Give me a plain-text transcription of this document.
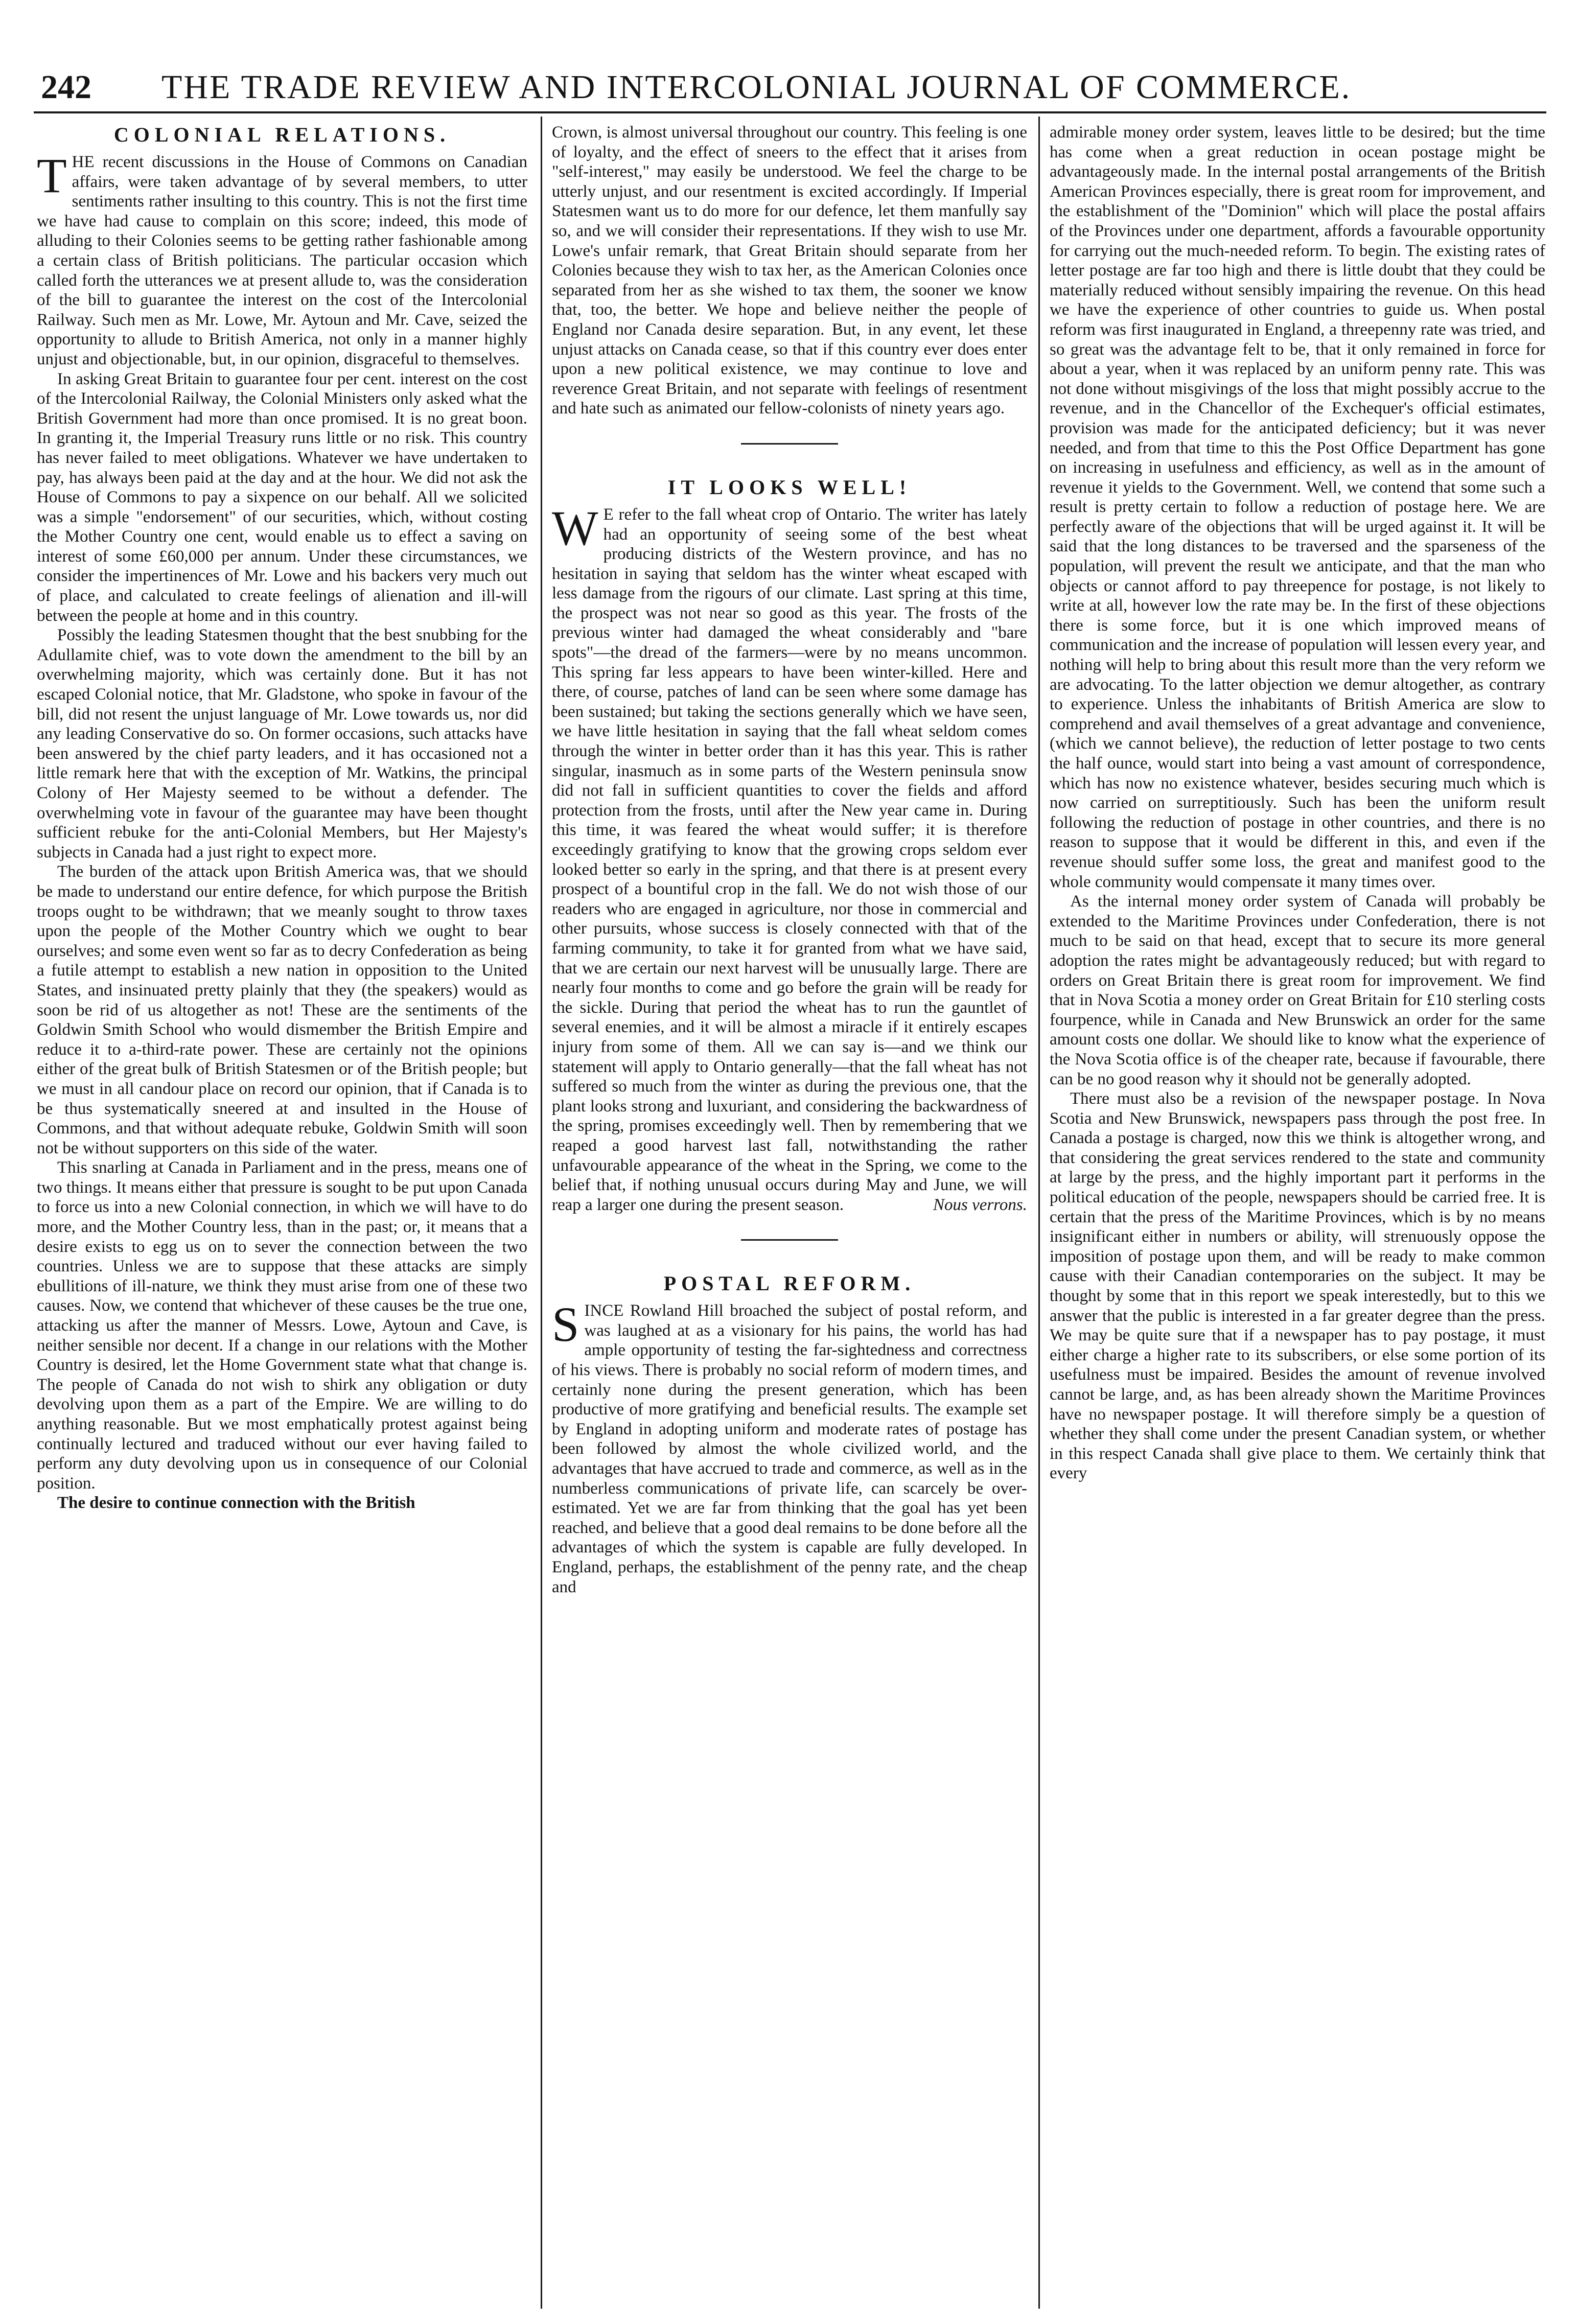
242 THE TRADE REVIEW AND INTERCOLONIAL JOURNAL OF COMMERCE.
COLONIAL RELATIONS.

THE recent discussions in the House of Commons on Canadian affairs, were taken advantage of by several members, to utter sentiments rather insulting to this country. This is not the first time we have had cause to complain on this score; indeed, this mode of alluding to their Colonies seems to be getting rather fashionable among a certain class of British politicians. The particular occasion which called forth the utterances we at present allude to, was the consideration of the bill to guarantee the interest on the cost of the Intercolonial Railway. Such men as Mr. Lowe, Mr. Aytoun and Mr. Cave, seized the opportunity to allude to British America, not only in a manner highly unjust and objectionable, but, in our opinion, disgraceful to themselves.

In asking Great Britain to guarantee four per cent. interest on the cost of the Intercolonial Railway, the Colonial Ministers only asked what the British Government had more than once promised. It is no great boon. In granting it, the Imperial Treasury runs little or no risk. This country has never failed to meet obligations. Whatever we have undertaken to pay, has always been paid at the day and at the hour. We did not ask the House of Commons to pay a sixpence on our behalf. All we solicited was a simple "endorsement" of our securities, which, without costing the Mother Country one cent, would enable us to effect a saving on interest of some £60,000 per annum. Under these circumstances, we consider the impertinences of Mr. Lowe and his backers very much out of place, and calculated to create feelings of alienation and ill-will between the people at home and in this country.

Possibly the leading Statesmen thought that the best snubbing for the Adullamite chief, was to vote down the amendment to the bill by an overwhelming majority, which was certainly done. But it has not escaped Colonial notice, that Mr. Gladstone, who spoke in favour of the bill, did not resent the unjust language of Mr. Lowe towards us, nor did any leading Conservative do so. On former occasions, such attacks have been answered by the chief party leaders, and it has occasioned not a little remark here that with the exception of Mr. Watkins, the principal Colony of Her Majesty seemed to be without a defender. The overwhelming vote in favour of the guarantee may have been thought sufficient rebuke for the anti-Colonial Members, but Her Majesty's subjects in Canada had a just right to expect more.

The burden of the attack upon British America was, that we should be made to understand our entire defence, for which purpose the British troops ought to be withdrawn; that we meanly sought to throw taxes upon the people of the Mother Country which we ought to bear ourselves; and some even went so far as to decry Confederation as being a futile attempt to establish a new nation in opposition to the United States, and insinuated pretty plainly that they (the speakers) would as soon be rid of us altogether as not! These are the sentiments of the Goldwin Smith School who would dismember the British Empire and reduce it to a-third-rate power. These are certainly not the opinions either of the great bulk of British Statesmen or of the British people; but we must in all candour place on record our opinion, that if Canada is to be thus systematically sneered at and insulted in the House of Commons, and that without adequate rebuke, Goldwin Smith will soon not be without supporters on this side of the water.

This snarling at Canada in Parliament and in the press, means one of two things. It means either that pressure is sought to be put upon Canada to force us into a new Colonial connection, in which we will have to do more, and the Mother Country less, than in the past; or, it means that a desire exists to egg us on to sever the connection between the two countries. Unless we are to suppose that these attacks are simply ebullitions of ill-nature, we think they must arise from one of these two causes. Now, we contend that whichever of these causes be the true one, attacking us after the manner of Messrs. Lowe, Aytoun and Cave, is neither sensible nor decent. If a change in our relations with the Mother Country is desired, let the Home Government state what that change is. The people of Canada do not wish to shirk any obligation or duty devolving upon them as a part of the Empire. We are willing to do anything reasonable. But we most emphatically protest against being continually lectured and traduced without our ever having failed to perform any duty devolving upon us in consequence of our Colonial position.

The desire to continue connection with the British

Crown, is almost universal throughout our country. This feeling is one of loyalty, and the effect of sneers to the effect that it arises from "self-interest," may easily be understood. We feel the charge to be utterly unjust, and our resentment is excited accordingly. If Imperial Statesmen want us to do more for our defence, let them manfully say so, and we will consider their representations. If they wish to use Mr. Lowe's unfair remark, that Great Britain should separate from her Colonies because they wish to tax her, as the American Colonies once separated from her as she wished to tax them, the sooner we know that, too, the better. We hope and believe neither the people of England nor Canada desire separation. But, in any event, let these unjust attacks on Canada cease, so that if this country ever does enter upon a new political existence, we may continue to love and reverence Great Britain, and not separate with feelings of resentment and hate such as animated our fellow-colonists of ninety years ago.

IT LOOKS WELL!

W E refer to the fall wheat crop of Ontario. The writer has lately had an opportunity of seeing some of the best wheat producing districts of the Western province, and has no hesitation in saying that seldom has the winter wheat escaped with less damage from the rigours of our climate. Last spring at this time, the prospect was not near so good as this year. The frosts of the previous winter had damaged the wheat considerably and "bare spots"—the dread of the farmers—were by no means uncommon. This spring far less appears to have been winter-killed. Here and there, of course, patches of land can be seen where some damage has been sustained; but taking the sections generally which we have seen, we have little hesitation in saying that the fall wheat seldom comes through the winter in better order than it has this year. This is rather singular, inasmuch as in some parts of the Western peninsula snow did not fall in sufficient quantities to cover the fields and afford protection from the frosts, until after the New year came in. During this time, it was feared the wheat would suffer; it is therefore exceedingly gratifying to know that the growing crops seldom ever looked better so early in the spring, and that there is at present every prospect of a bountiful crop in the fall. We do not wish those of our readers who are engaged in agriculture, nor those in commercial and other pursuits, whose success is closely connected with that of the farming community, to take it for granted from what we have said, that we are certain our next harvest will be unusually large. There are nearly four months to come and go before the grain will be ready for the sickle. During that period the wheat has to run the gauntlet of several enemies, and it will be almost a miracle if it entirely escapes injury from some of them. All we can say is—and we think our statement will apply to Ontario generally—that the fall wheat has not suffered so much from the winter as during the previous one, that the plant looks strong and luxuriant, and considering the backwardness of the spring, promises exceedingly well. Then by remembering that we reaped a good harvest last fall, notwithstanding the rather unfavourable appearance of the wheat in the Spring, we come to the belief that, if nothing unusual occurs during May and June, we will reap a larger one during the present season.	Nous verrons.

POSTAL REFORM.

SINCE Rowland Hill broached the subject of postal reform, and was laughed at as a visionary for his pains, the world has had ample opportunity of testing the far-sightedness and correctness of his views. There is probably no social reform of modern times, and certainly none during the present generation, which has been productive of more gratifying and beneficial results. The example set by England in adopting uniform and moderate rates of postage has been followed by almost the whole civilized world, and the advantages that have accrued to trade and commerce, as well as in the numberless communications of private life, can scarcely be over-estimated. Yet we are far from thinking that the goal has yet been reached, and believe that a good deal remains to be done before all the advantages of which the system is capable are fully developed. In England, perhaps, the establishment of the penny rate, and the cheap and

admirable money order system, leaves little to be desired; but the time has come when a great reduction in ocean postage might be advantageously made. In the internal postal arrangements of the British American Provinces especially, there is great room for improvement, and the establishment of the "Dominion" which will place the postal affairs of the Provinces under one department, affords a favourable opportunity for carrying out the much-needed reform. To begin. The existing rates of letter postage are far too high and there is little doubt that they could be materially reduced without sensibly impairing the revenue. On this head we have the experience of other countries to guide us. When postal reform was first inaugurated in England, a threepenny rate was tried, and so great was the advantage felt to be, that it only remained in force for about a year, when it was replaced by an uniform penny rate. This was not done without misgivings of the loss that might possibly accrue to the revenue, and in the Chancellor of the Exchequer's official estimates, provision was made for the anticipated deficiency; but it was never needed, and from that time to this the Post Office Department has gone on increasing in usefulness and efficiency, as well as in the amount of revenue it yields to the Government. Well, we contend that some such a result is pretty certain to follow a reduction of postage here. We are perfectly aware of the objections that will be urged against it. It will be said that the long distances to be traversed and the sparseness of the population, will prevent the result we anticipate, and that the man who objects or cannot afford to pay threepence for postage, is not likely to write at all, however low the rate may be. In the first of these objections there is some force, but it is one which improved means of communication and the increase of population will lessen every year, and nothing will help to bring about this result more than the very reform we are advocating. To the latter objection we demur altogether, as contrary to experience. Unless the inhabitants of British America are slow to comprehend and avail themselves of a great advantage and convenience, (which we cannot believe), the reduction of letter postage to two cents the half ounce, would start into being a vast amount of correspondence, which has now no existence whatever, besides securing much which is now carried on surreptitiously. Such has been the uniform result following the reduction of postage in other countries, and there is no reason to suppose that it would be different in this, and even if the revenue should suffer some loss, the great and manifest good to the whole community would compensate it many times over.

As the internal money order system of Canada will probably be extended to the Maritime Provinces under Confederation, there is not much to be said on that head, except that to secure its more general adoption the rates might be advantageously reduced; but with regard to orders on Great Britain there is great room for improvement. We find that in Nova Scotia a money order on Great Britain for £10 sterling costs fourpence, while in Canada and New Brunswick an order for the same amount costs one dollar. We should like to know what the experience of the Nova Scotia office is of the cheaper rate, because if favourable, there can be no good reason why it should not be generally adopted.

There must also be a revision of the newspaper postage. In Nova Scotia and New Brunswick, newspapers pass through the post free. In Canada a postage is charged, now this we think is altogether wrong, and that considering the great services rendered to the state and community at large by the press, and the highly important part it performs in the political education of the people, newspapers should be carried free. It is certain that the press of the Maritime Provinces, which is by no means insignificant either in numbers or ability, will strenuously oppose the imposition of postage upon them, and will be ready to make common cause with their Canadian contemporaries on the subject. It may be thought by some that in this report we speak interestedly, but to this we answer that the public is interested in a far greater degree than the press. We may be quite sure that if a newspaper has to pay postage, it must either charge a higher rate to its subscribers, or else some portion of its usefulness must be impaired. Besides the amount of revenue involved cannot be large, and, as has been already shown the Maritime Provinces have no newspaper postage. It will therefore simply be a question of whether they shall come under the present Canadian system, or whether in this respect Canada shall give place to them. We certainly think that every
